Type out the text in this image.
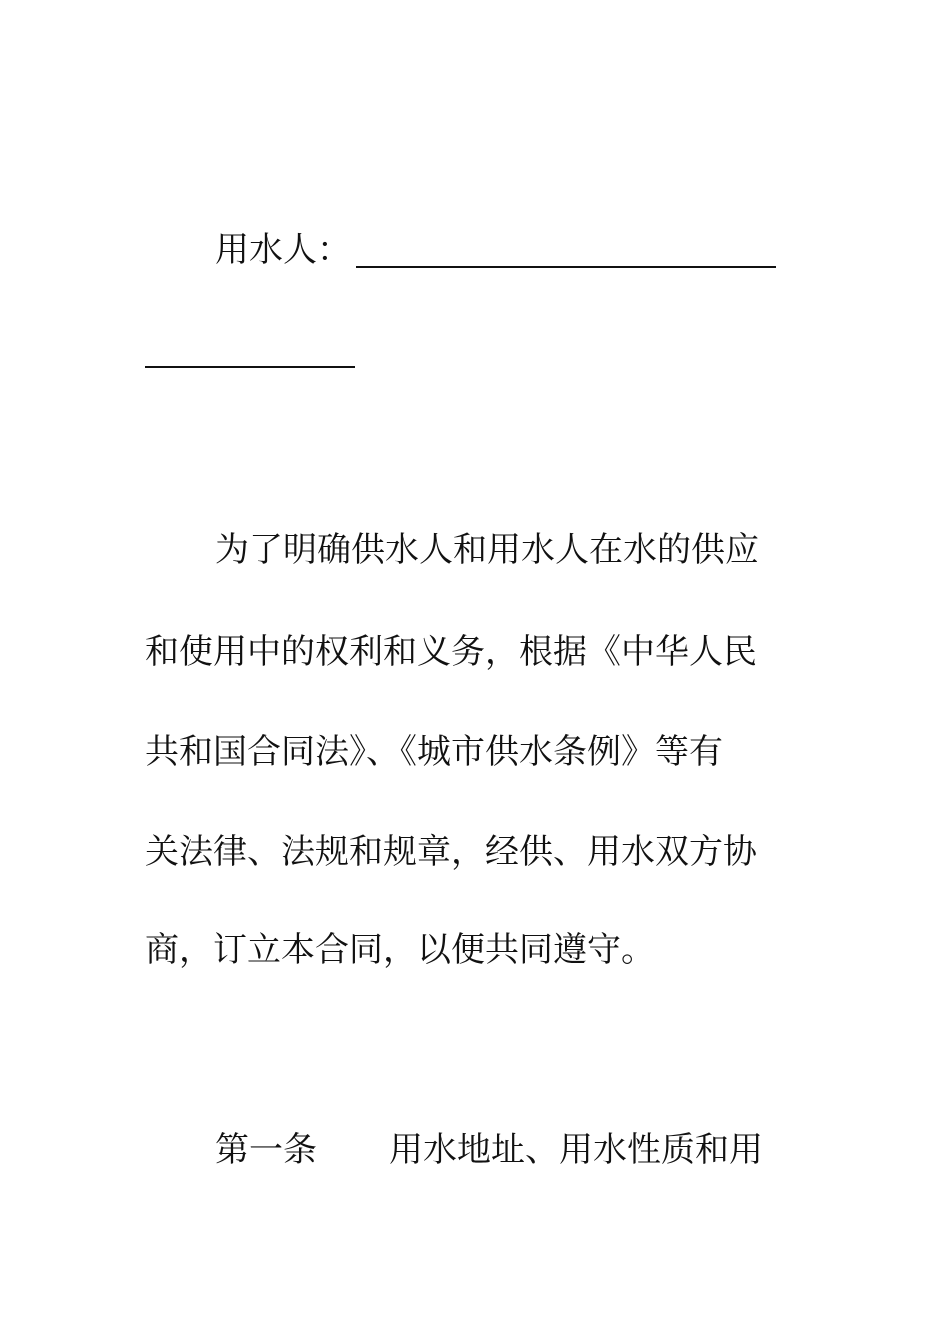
用水人：
为了明确供水人和用水人在水的供应
和使用中的权利和义务，根据《中华人民
共和国合同法》、《城市供水条例》等有
关法律、法规和规章，经供、用水双方协
商，订立本合同，以便共同遵守。
第一条 用水地址、用水性质和用
